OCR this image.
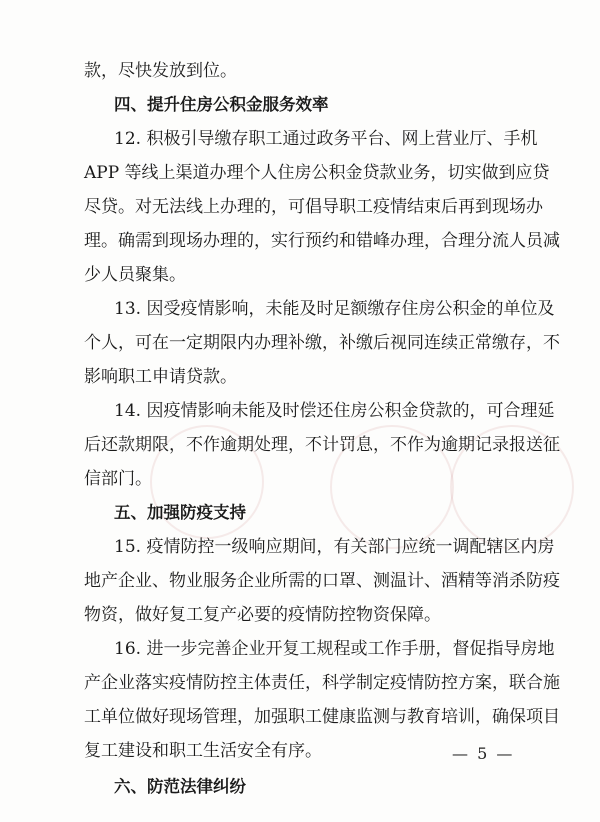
款，尽快发放到位。
四、提升住房公积金服务效率
12. 积极引导缴存职工通过政务平台、网上营业厅、手机
APP 等线上渠道办理个人住房公积金贷款业务，切实做到应贷
尽贷。对无法线上办理的，可倡导职工疫情结束后再到现场办
理。确需到现场办理的，实行预约和错峰办理，合理分流人员减
少人员聚集。
13. 因受疫情影响，未能及时足额缴存住房公积金的单位及
个人，可在一定期限内办理补缴，补缴后视同连续正常缴存，不
影响职工申请贷款。
14. 因疫情影响未能及时偿还住房公积金贷款的，可合理延
后还款期限，不作逾期处理，不计罚息，不作为逾期记录报送征
信部门。
五、加强防疫支持
15. 疫情防控一级响应期间，有关部门应统一调配辖区内房
地产企业、物业服务企业所需的口罩、测温计、酒精等消杀防疫
物资，做好复工复产必要的疫情防控物资保障。
16. 进一步完善企业开复工规程或工作手册，督促指导房地
产企业落实疫情防控主体责任，科学制定疫情防控方案，联合施
工单位做好现场管理，加强职工健康监测与教育培训，确保项目
复工建设和职工生活安全有序。
六、防范法律纠纷
— 5 —
